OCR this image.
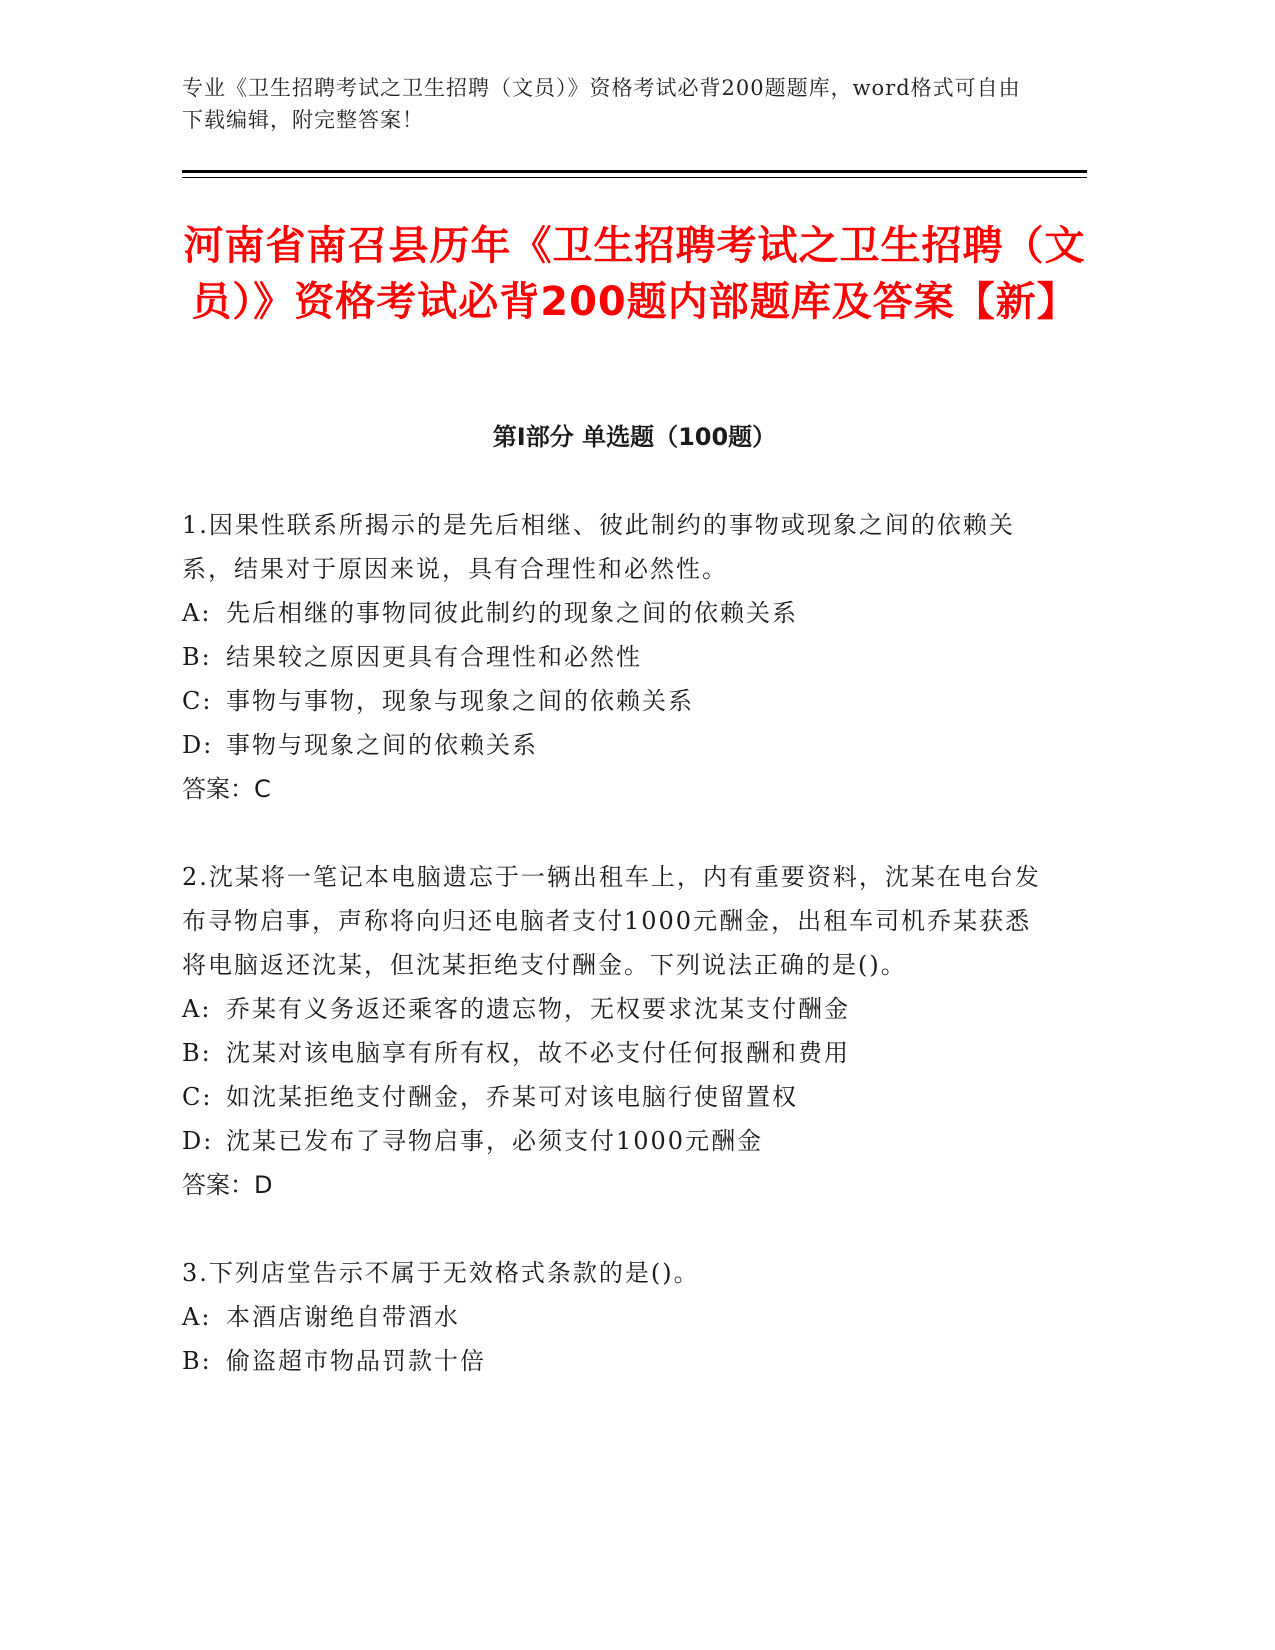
专业《卫生招聘考试之卫生招聘（文员）》资格考试必背200题题库，word格式可自由下载编辑，附完整答案！
河南省南召县历年《卫生招聘考试之卫生招聘（文员）》资格考试必背200题内部题库及答案【新】
第Ⅰ部分 单选题（100题）

1.因果性联系所揭示的是先后相继、彼此制约的事物或现象之间的依赖关系，结果对于原因来说，具有合理性和必然性。

A: 先后相继的事物同彼此制约的现象之间的依赖关系

B: 结果较之原因更具有合理性和必然性

C: 事物与事物，现象与现象之间的依赖关系

D: 事物与现象之间的依赖关系

答案：C

2.沈某将一笔记本电脑遗忘于一辆出租车上，内有重要资料，沈某在电台发布寻物启事，声称将向归还电脑者支付1000元酬金，出租车司机乔某获悉将电脑返还沈某，但沈某拒绝支付酬金。下列说法正确的是()。

A: 乔某有义务返还乘客的遗忘物，无权要求沈某支付酬金

B: 沈某对该电脑享有所有权，故不必支付任何报酬和费用

C: 如沈某拒绝支付酬金，乔某可对该电脑行使留置权

D: 沈某已发布了寻物启事，必须支付1000元酬金

答案：D

3.下列店堂告示不属于无效格式条款的是()。

A: 本酒店谢绝自带酒水

B: 偷盗超市物品罚款十倍
